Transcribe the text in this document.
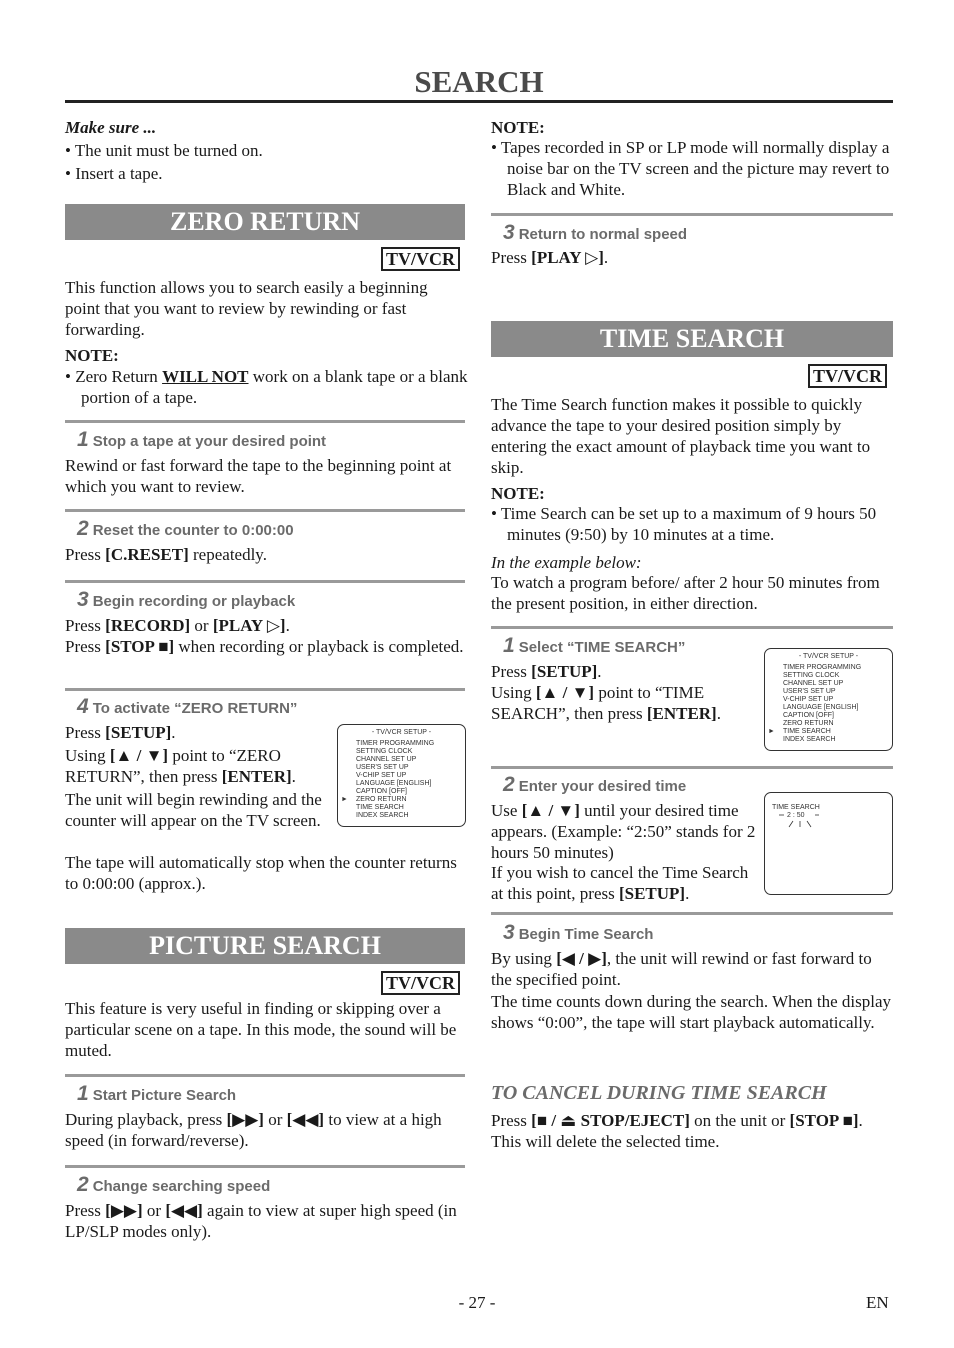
SEARCH
Make sure ...
• The unit must be turned on.
• Insert a tape.
ZERO RETURN
TV/VCR
This function allows you to search easily a beginning point that you want to review by rewinding or fast forwarding.
NOTE:
• Zero Return WILL NOT work on a blank tape or a blank portion of a tape.
1 Stop a tape at your desired point
Rewind or fast forward the tape to the beginning point at which you want to review.
2 Reset the counter to 0:00:00
Press [C.RESET] repeatedly.
3 Begin recording or playback
Press [RECORD] or [PLAY ▷].
Press [STOP ■] when recording or playback is completed.
4 To activate “ZERO RETURN”
Press [SETUP].
Using [▲ / ▼] point to “ZERO RETURN”, then press [ENTER].
The unit will begin rewinding and the counter will appear on the TV screen.
The tape will automatically stop when the counter returns to 0:00:00 (approx.).
- TV/VCR SETUP -
TIMER PROGRAMMING
SETTING CLOCK
CHANNEL SET UP
USER'S SET UP
V-CHIP SET UP
LANGUAGE [ENGLISH]
CAPTION [OFF]
► ZERO RETURN
TIME SEARCH
INDEX SEARCH
PICTURE SEARCH
TV/VCR
This feature is very useful in finding or skipping over a particular scene on a tape. In this mode, the sound will be muted.
1 Start Picture Search
During playback, press [▶▶] or [◀◀] to view at a high speed (in forward/reverse).
2 Change searching speed
Press [▶▶] or [◀◀] again to view at super high speed (in LP/SLP modes only).
NOTE:
• Tapes recorded in SP or LP mode will normally display a noise bar on the TV screen and the picture may revert to Black and White.
3 Return to normal speed
Press [PLAY ▷].
TIME SEARCH
TV/VCR
The Time Search function makes it possible to quickly advance the tape to your desired position simply by entering the exact amount of playback time you want to skip.
NOTE:
• Time Search can be set up to a maximum of 9 hours 50 minutes (9:50) by 10 minutes at a time.
In the example below:
To watch a program before/ after 2 hour 50 minutes from the present position, in either direction.
1 Select “TIME SEARCH”
Press [SETUP].
Using [▲ / ▼] point to “TIME SEARCH”, then press [ENTER].
- TV/VCR SETUP -
TIMER PROGRAMMING
SETTING CLOCK
CHANNEL SET UP
USER'S SET UP
V-CHIP SET UP
LANGUAGE [ENGLISH]
CAPTION [OFF]
ZERO RETURN
► TIME SEARCH
INDEX SEARCH
2 Enter your desired time
Use [▲ / ▼] until your desired time appears. (Example: “2:50” stands for 2 hours 50 minutes)
If you wish to cancel the Time Search at this point, press [SETUP].
TIME SEARCH
2 : 50
3 Begin Time Search
By using [◀ / ▶], the unit will rewind or fast forward to the specified point.
The time counts down during the search. When the display shows “0:00”, the tape will start playback automatically.
TO CANCEL DURING TIME SEARCH
Press [■ / ⏏ STOP/EJECT] on the unit or [STOP ■]. This will delete the selected time.
- 27 -	EN
